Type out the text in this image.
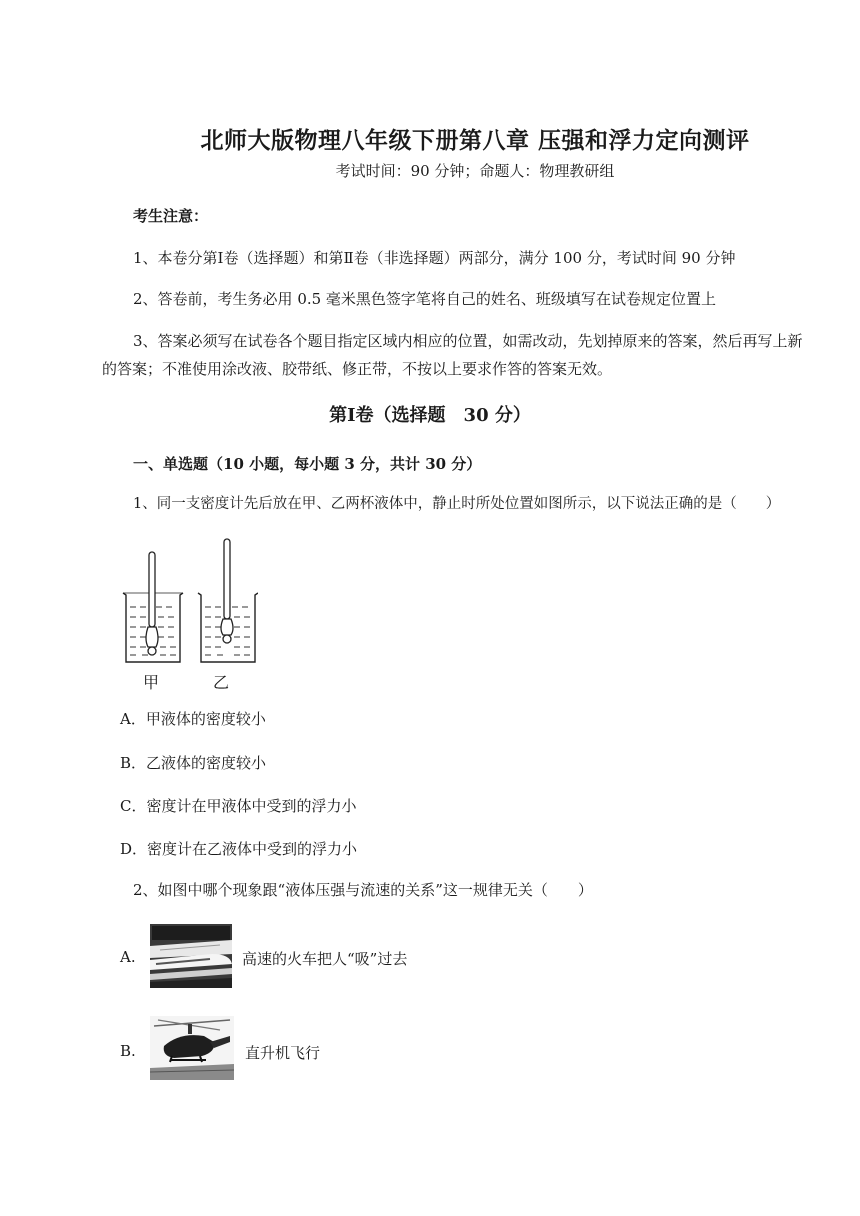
北师大版物理八年级下册第八章 压强和浮力定向测评
考试时间：90 分钟；命题人：物理教研组
考生注意：
1、本卷分第Ⅰ卷（选择题）和第Ⅱ卷（非选择题）两部分，满分 100 分，考试时间 90 分钟
2、答卷前，考生务必用 0.5 毫米黑色签字笔将自己的姓名、班级填写在试卷规定位置上
3、答案必须写在试卷各个题目指定区域内相应的位置，如需改动，先划掉原来的答案，然后再写上新的答案；不准使用涂改液、胶带纸、修正带，不按以上要求作答的答案无效。
第Ⅰ卷（选择题　30 分）
一、单选题（10 小题，每小题 3 分，共计 30 分）
1、同一支密度计先后放在甲、乙两杯液体中，静止时所处位置如图所示，以下说法正确的是（　　）
甲	乙
A．甲液体的密度较小
B．乙液体的密度较小
C．密度计在甲液体中受到的浮力小
D．密度计在乙液体中受到的浮力小
2、如图中哪个现象跟“液体压强与流速的关系”这一规律无关（　　）
A.	高速的火车把人“吸”过去
B.	直升机飞行
